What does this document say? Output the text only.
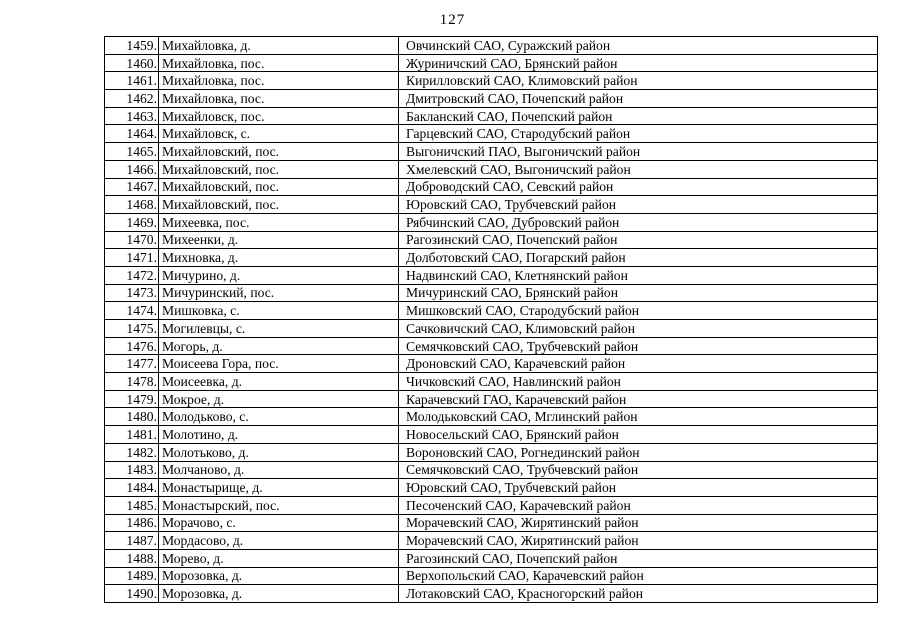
127
1459.	Михайловка, д.	Овчинский САО, Суражский район
1460.	Михайловка, пос.	Журиничский САО, Брянский район
1461.	Михайловка, пос.	Кирилловский САО, Климовский район
1462.	Михайловка, пос.	Дмитровский САО, Почепский район
1463.	Михайловск, пос.	Бакланский САО, Почепский район
1464.	Михайловск, с.	Гарцевский САО, Стародубский район
1465.	Михайловский, пос.	Выгоничский ПАО, Выгоничский район
1466.	Михайловский, пос.	Хмелевский САО, Выгоничский район
1467.	Михайловский, пос.	Доброводский САО, Севский район
1468.	Михайловский, пос.	Юровский САО, Трубчевский район
1469.	Михеевка, пос.	Рябчинский САО, Дубровский район
1470.	Михеенки, д.	Рагозинский САО, Почепский район
1471.	Михновка, д.	Долботовский САО, Погарский район
1472.	Мичурино, д.	Надвинский САО, Клетнянский район
1473.	Мичуринский, пос.	Мичуринский САО, Брянский район
1474.	Мишковка, с.	Мишковский САО, Стародубский район
1475.	Могилевцы, с.	Сачковичский САО, Климовский район
1476.	Могорь, д.	Семячковский САО, Трубчевский район
1477.	Моисеева Гора, пос.	Дроновский САО, Карачевский район
1478.	Моисеевка, д.	Чичковский САО, Навлинский район
1479.	Мокрое, д.	Карачевский ГАО, Карачевский район
1480.	Молодьково, с.	Молодьковский САО, Мглинский район
1481.	Молотино, д.	Новосельский САО, Брянский район
1482.	Молотьково, д.	Вороновский САО, Рогнединский район
1483.	Молчаново, д.	Семячковский САО, Трубчевский район
1484.	Монастырище, д.	Юровский САО, Трубчевский район
1485.	Монастырский, пос.	Песоченский САО, Карачевский район
1486.	Морачово, с.	Морачевский САО, Жирятинский район
1487.	Мордасово, д.	Морачевский САО, Жирятинский район
1488.	Морево, д.	Рагозинский САО, Почепский район
1489.	Морозовка, д.	Верхопольский САО, Карачевский район
1490.	Морозовка, д.	Лотаковский САО, Красногорский район
